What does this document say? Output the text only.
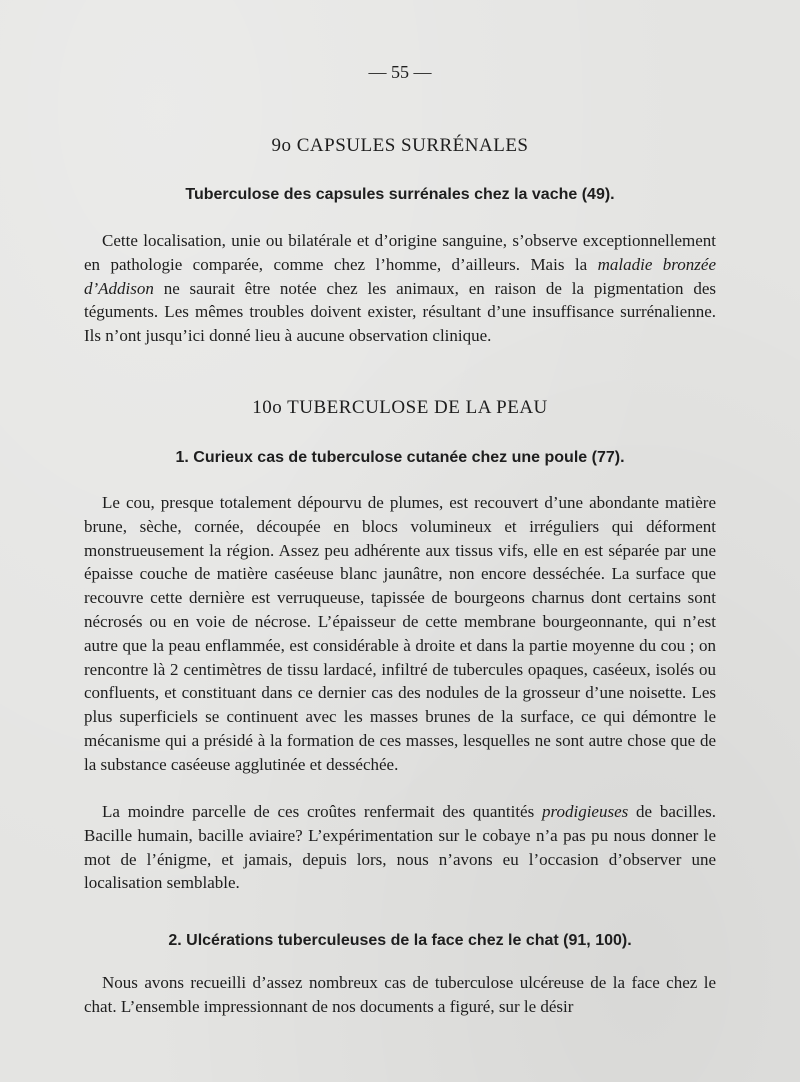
— 55 —
9o CAPSULES SURRÉNALES
Tuberculose des capsules surrénales chez la vache (49).

Cette localisation, unie ou bilatérale et d’origine sanguine, s’observe exceptionnellement en pathologie comparée, comme chez l’homme, d’ailleurs. Mais la maladie bronzée d’Addison ne saurait être notée chez les animaux, en raison de la pigmentation des téguments. Les mêmes troubles doivent exister, résultant d’une insuffisance surrénalienne. Ils n’ont jusqu’ici donné lieu à aucune observation clinique.

10o TUBERCULOSE DE LA PEAU
1. Curieux cas de tuberculose cutanée chez une poule (77).

Le cou, presque totalement dépourvu de plumes, est recouvert d’une abondante matière brune, sèche, cornée, découpée en blocs volumineux et irréguliers qui déforment monstrueusement la région. Assez peu adhérente aux tissus vifs, elle en est séparée par une épaisse couche de matière caséeuse blanc jaunâtre, non encore desséchée. La surface que recouvre cette dernière est verruqueuse, tapissée de bourgeons charnus dont certains sont nécrosés ou en voie de nécrose. L’épaisseur de cette membrane bourgeonnante, qui n’est autre que la peau enflammée, est considérable à droite et dans la partie moyenne du cou ; on rencontre là 2 centimètres de tissu lardacé, infiltré de tubercules opaques, caséeux, isolés ou confluents, et constituant dans ce dernier cas des nodules de la grosseur d’une noisette. Les plus superficiels se continuent avec les masses brunes de la surface, ce qui démontre le mécanisme qui a présidé à la formation de ces masses, lesquelles ne sont autre chose que de la substance caséeuse agglutinée et desséchée.

La moindre parcelle de ces croûtes renfermait des quantités prodigieuses de bacilles. Bacille humain, bacille aviaire? L’expérimentation sur le cobaye n’a pas pu nous donner le mot de l’énigme, et jamais, depuis lors, nous n’avons eu l’occasion d’observer une localisation semblable.

2. Ulcérations tuberculeuses de la face chez le chat (91, 100).

Nous avons recueilli d’assez nombreux cas de tuberculose ulcéreuse de la face chez le chat. L’ensemble impressionnant de nos documents a figuré, sur le désir
